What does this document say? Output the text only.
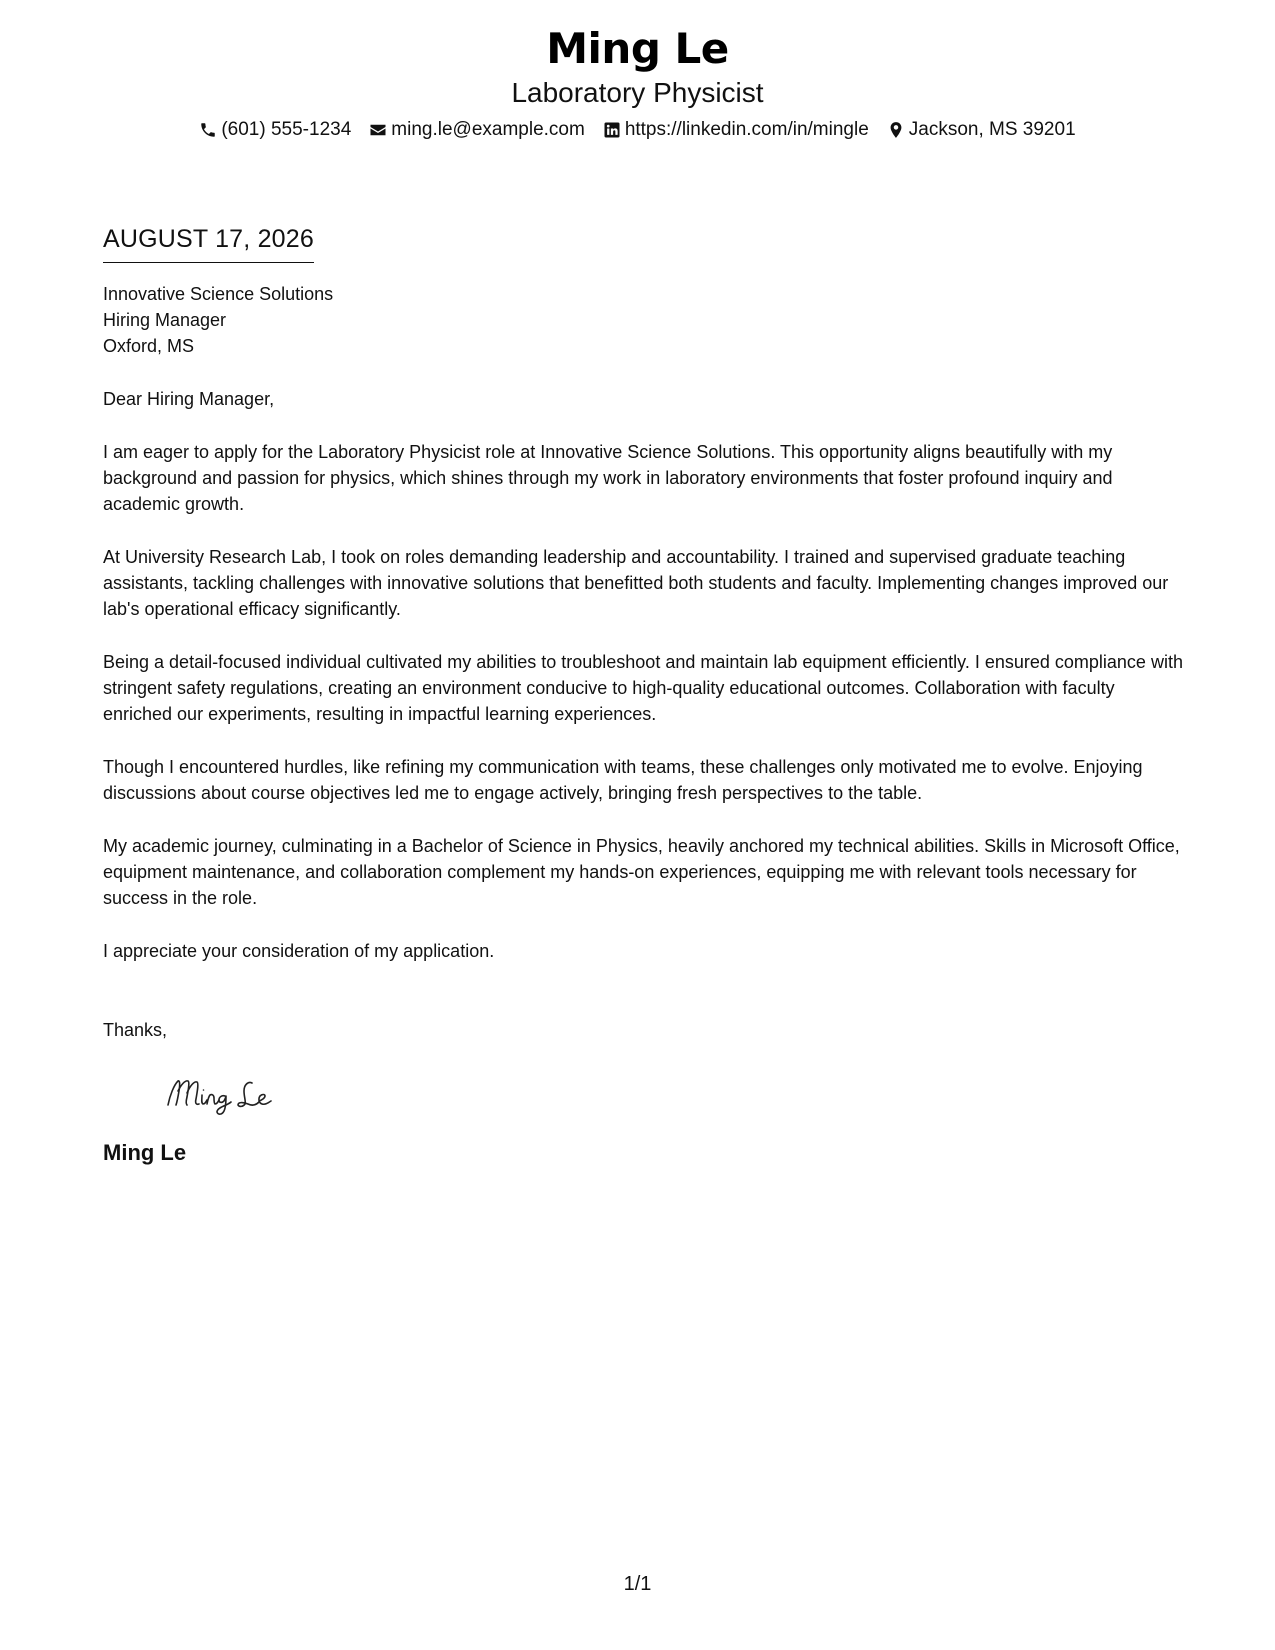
Ming Le
Laboratory Physicist
(601) 555-1234 ming.le@example.com https://linkedin.com/in/mingle Jackson, MS 39201
AUGUST 17, 2026
Innovative Science Solutions
Hiring Manager
Oxford, MS
Dear Hiring Manager,
I am eager to apply for the Laboratory Physicist role at Innovative Science Solutions. This opportunity aligns beautifully with my background and passion for physics, which shines through my work in laboratory environments that foster profound inquiry and academic growth.
At University Research Lab, I took on roles demanding leadership and accountability. I trained and supervised graduate teaching assistants, tackling challenges with innovative solutions that benefitted both students and faculty. Implementing changes improved our lab's operational efficacy significantly.
Being a detail-focused individual cultivated my abilities to troubleshoot and maintain lab equipment efficiently. I ensured compliance with stringent safety regulations, creating an environment conducive to high-quality educational outcomes. Collaboration with faculty enriched our experiments, resulting in impactful learning experiences.
Though I encountered hurdles, like refining my communication with teams, these challenges only motivated me to evolve. Enjoying discussions about course objectives led me to engage actively, bringing fresh perspectives to the table.
My academic journey, culminating in a Bachelor of Science in Physics, heavily anchored my technical abilities. Skills in Microsoft Office, equipment maintenance, and collaboration complement my hands-on experiences, equipping me with relevant tools necessary for success in the role.
I appreciate your consideration of my application.
Thanks,
Ming Le
1/1
